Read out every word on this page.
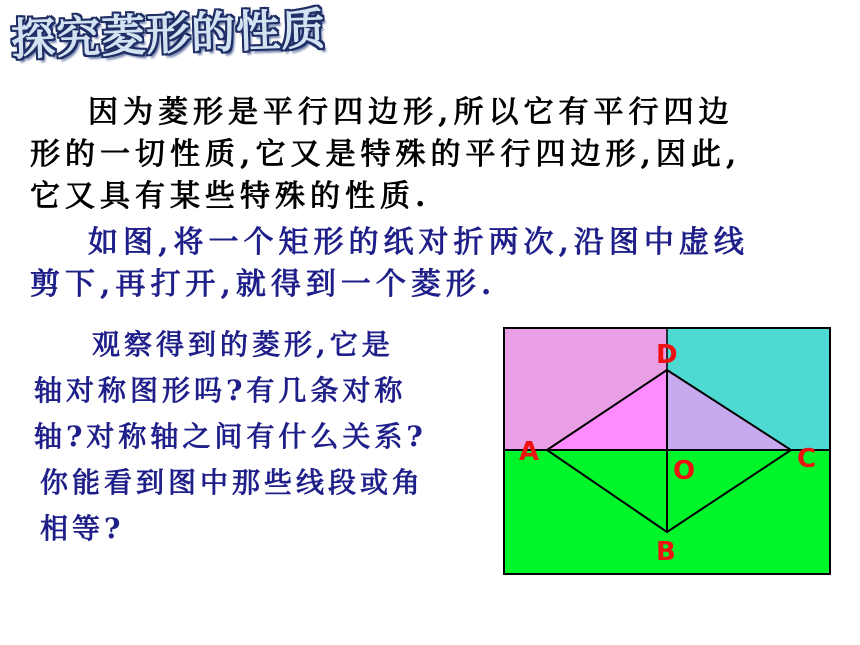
探究菱形的性质
因为菱形是平行四边形,所以它有平行四边
形的一切性质,它又是特殊的平行四边形,因此,
它又具有某些特殊的性质.
如图,将一个矩形的纸对折两次,沿图中虚线
剪下,再打开,就得到一个菱形.
观察得到的菱形,它是
轴对称图形吗?有几条对称
轴?对称轴之间有什么关系?
你能看到图中那些线段或角
相等?
D
A	C
O
B
